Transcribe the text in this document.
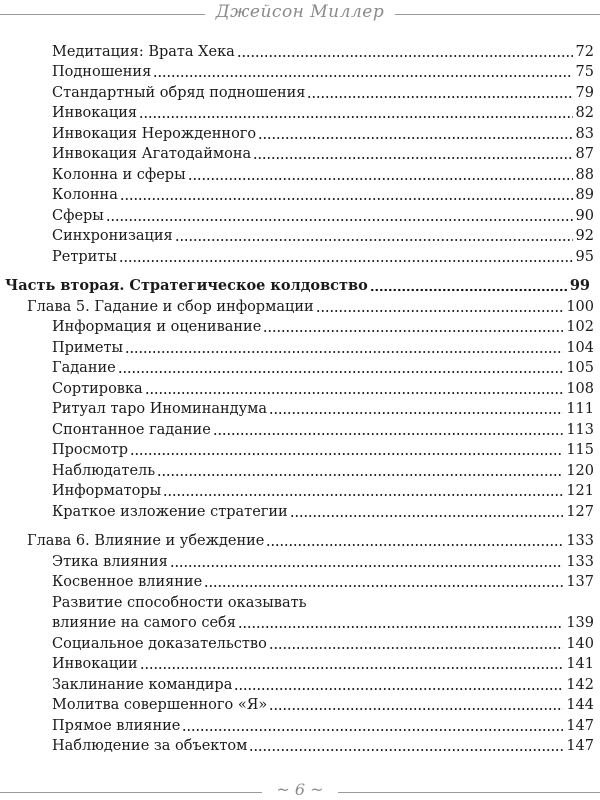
Джейсон Миллер
Медитация: Врата Хека	72
Подношения	75
Стандартный обряд подношения	79
Инвокация	82
Инвокация Нерожденного	83
Инвокация Агатодаймона	87
Колонна и сферы	88
Колонна	89
Сферы	90
Синхронизация	92
Ретриты	95
Часть вторая. Стратегическое колдовство	99
Глава 5. Гадание и сбор информации	100
Информация и оценивание	102
Приметы	104
Гадание	105
Сортировка	108
Ритуал таро Иноминандума	111
Спонтанное гадание	113
Просмотр	115
Наблюдатель	120
Информаторы	121
Краткое изложение стратегии	127
Глава 6. Влияние и убеждение	133
Этика влияния	133
Косвенное влияние	137
Развитие способности оказывать
влияние на самого себя	139
Социальное доказательство	140
Инвокации	141
Заклинание командира	142
Молитва совершенного «Я»	144
Прямое влияние	147
Наблюдение за объектом	147
~ 6 ~
